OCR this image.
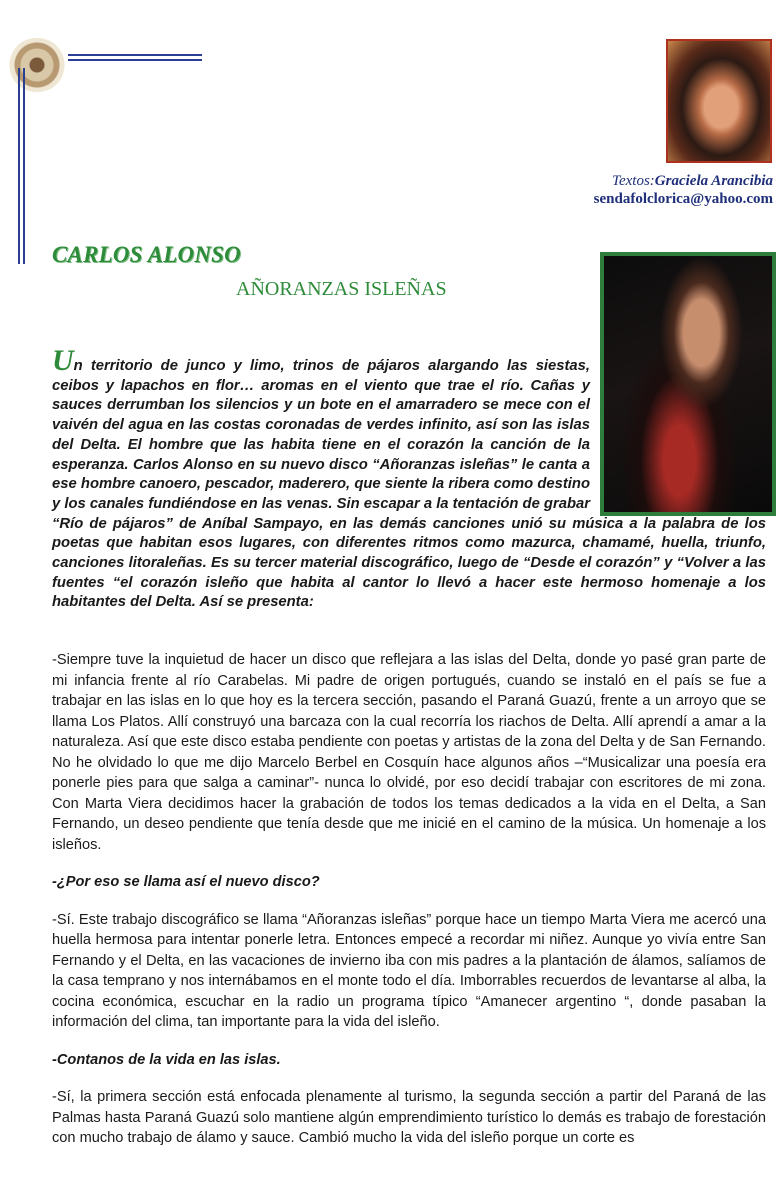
Textos:Graciela Arancibia
sendafolclorica@yahoo.com
CARLOS ALONSO
AÑORANZAS ISLEÑAS

Un territorio de junco y limo, trinos de pájaros alargando las siestas, ceibos y lapachos en flor… aromas en el viento que trae el río. Cañas y sauces derrumban los silencios y un bote en el amarradero se mece con el vaivén del agua en las costas coronadas de verdes infinito, así son las islas del Delta. El hombre que las habita tiene en el corazón la canción de la esperanza. Carlos Alonso en su nuevo disco “Añoranzas isleñas” le canta a ese hombre canoero, pescador, maderero, que siente la ribera como destino y los canales fundiéndose en las venas. Sin escapar a la tentación de grabar “Río de pájaros” de Aníbal Sampayo, en las demás canciones unió su música a la palabra de los poetas que habitan esos lugares, con diferentes ritmos como mazurca, chamamé, huella, triunfo, canciones litoraleñas. Es su tercer material discográfico, luego de “Desde el corazón” y “Volver a las fuentes “el corazón isleño que habita al cantor lo llevó a hacer este hermoso homenaje a los habitantes del Delta. Así se presenta:

-Siempre tuve la inquietud de hacer un disco que reflejara a las islas del Delta, donde yo pasé gran parte de mi infancia frente al río Carabelas. Mi padre de origen portugués, cuando se instaló en el país se fue a trabajar en las islas en lo que hoy es la tercera sección, pasando el Paraná Guazú, frente a un arroyo que se llama Los Platos. Allí construyó una barcaza con la cual recorría los riachos de Delta. Allí aprendí a amar a la naturaleza. Así que este disco estaba pendiente con poetas y artistas de la zona del Delta y de San Fernando. No he olvidado lo que me dijo Marcelo Berbel en Cosquín hace algunos años –“Musicalizar una poesía era ponerle pies para que salga a caminar”- nunca lo olvidé, por eso decidí trabajar con escritores de mi zona. Con Marta Viera decidimos hacer la grabación de todos los temas dedicados a la vida en el Delta, a San Fernando, un deseo pendiente que tenía desde que me inicié en el camino de la música. Un homenaje a los isleños.

-¿Por eso se llama así el nuevo disco?

-Sí. Este trabajo discográfico se llama “Añoranzas isleñas” porque hace un tiempo Marta Viera me acercó una huella hermosa para intentar ponerle letra. Entonces empecé a recordar mi niñez. Aunque yo vivía entre San Fernando y el Delta, en las vacaciones de invierno iba con mis padres a la plantación de álamos, salíamos de la casa temprano y nos internábamos en el monte todo el día. Imborrables recuerdos de levantarse al alba, la cocina económica, escuchar en la radio un programa típico “Amanecer argentino “, donde pasaban la información del clima, tan importante para la vida del isleño.

-Contanos de la vida en las islas.

-Sí, la primera sección está enfocada plenamente al turismo, la segunda sección a partir del Paraná de las Palmas hasta Paraná Guazú solo mantiene algún emprendimiento turístico lo demás es trabajo de forestación con mucho trabajo de álamo y sauce. Cambió mucho la vida del isleño porque un corte es
